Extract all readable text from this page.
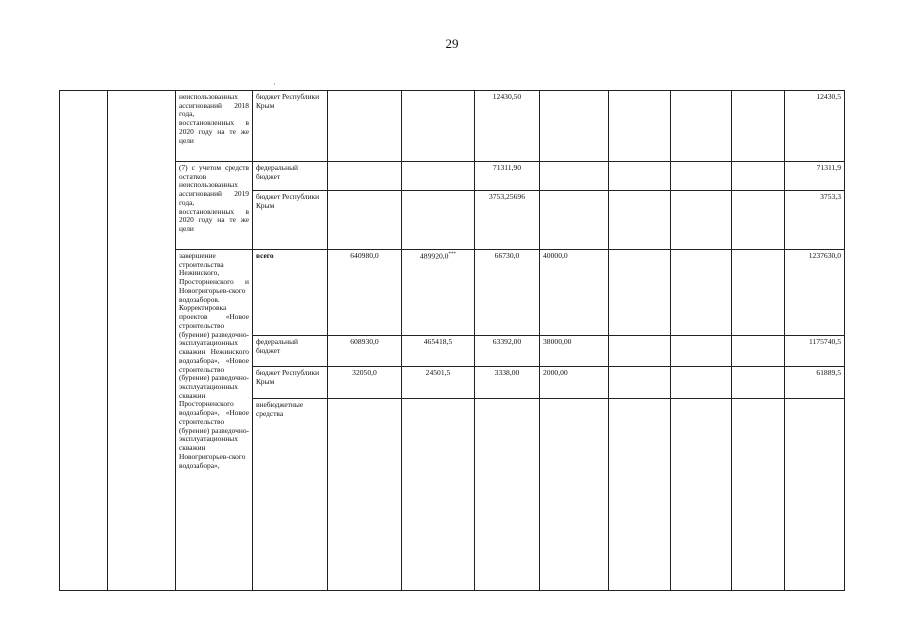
29
·
		неиспользованных ассигнований 2018 года, восстановленных в 2020 году на те же цели	бюджет Республики Крым			12430,50					12430,5
		(7) с учетом средств остатков неиспользованных ассигнований 2019 года, восстановленных в 2020 году на те же цели	федеральный бюджет			71311,90					71311,9
			бюджет Республики Крым			3753,25696					3753,3
		завершение строительства Нежинского, Просторненского и Новогригорьев-ского водозаборов. Корректировка проектов «Новое строительство (бурение) разведочно-эксплуатационных скважин Нежинского водозабора», «Новое строительство (бурение) разведочно-эксплуатационных скважин Просторненского водозабора», «Новое строительство (бурение) разведочно-эксплуатационных скважин Новогригорьев-ского водозабора»,	всего	640980,0	489920,0***	66730,0	40000,0				1237630,0
			федеральный бюджет	608930,0	465418,5	63392,00	38000,00				1175740,5
			бюджет Республики Крым	32050,0	24501,5	3338,00	2000,00				61889,5
			внебюджетные средства								
